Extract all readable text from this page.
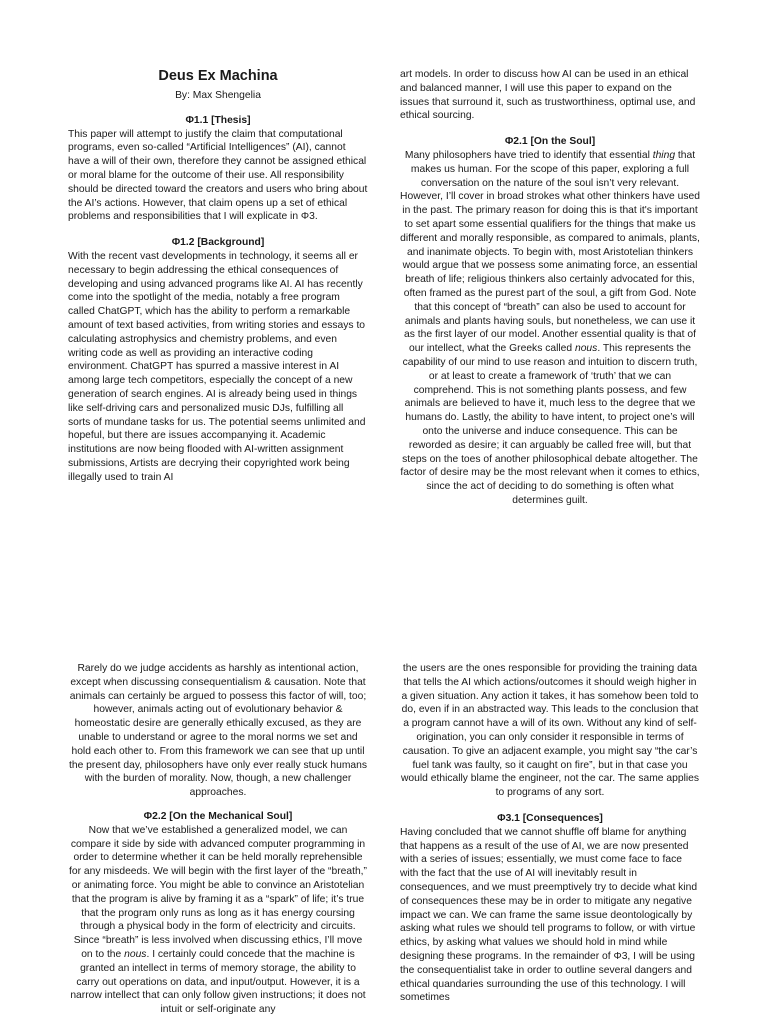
Deus Ex Machina
By: Max Shengelia
Φ1.1 [Thesis]

This paper will attempt to justify the claim that computational programs, even so-called “Artificial Intelligences” (AI), cannot have a will of their own, therefore they cannot be assigned ethical or moral blame for the outcome of their use. All responsibility should be directed toward the creators and users who bring about the AI’s actions. However, that claim opens up a set of ethical problems and responsibilities that I will explicate in Φ3.

Φ1.2 [Background]

With the recent vast developments in technology, it seems all er necessary to begin addressing the ethical consequences of developing and using advanced programs like AI. AI has recently come into the spotlight of the media, notably a free program called ChatGPT, which has the ability to perform a remarkable amount of text based activities, from writing stories and essays to calculating astrophysics and chemistry problems, and even writing code as well as providing an interactive coding environment. ChatGPT has spurred a massive interest in AI among large tech competitors, especially the concept of a new generation of search engines. AI is already being used in things like self-driving cars and personalized music DJs, fulfilling all sorts of mundane tasks for us. The potential seems unlimited and hopeful, but there are issues accompanying it. Academic institutions are now being flooded with AI-written assignment submissions, Artists are decrying their copyrighted work being illegally used to train AI

art models. In order to discuss how AI can be used in an ethical and balanced manner, I will use this paper to expand on the issues that surround it, such as trustworthiness, optimal use, and ethical sourcing.

Φ2.1 [On the Soul]

Many philosophers have tried to identify that essential thing that makes us human. For the scope of this paper, exploring a full conversation on the nature of the soul isn’t very relevant. However, I’ll cover in broad strokes what other thinkers have used in the past. The primary reason for doing this is that it's important to set apart some essential qualifiers for the things that make us different and morally responsible, as compared to animals, plants, and inanimate objects. To begin with, most Aristotelian thinkers would argue that we possess some animating force, an essential breath of life; religious thinkers also certainly advocated for this, often framed as the purest part of the soul, a gift from God. Note that this concept of “breath” can also be used to account for animals and plants having souls, but nonetheless, we can use it as the first layer of our model. Another essential quality is that of our intellect, what the Greeks called nous. This represents the capability of our mind to use reason and intuition to discern truth, or at least to create a framework of ‘truth’ that we can comprehend. This is not something plants possess, and few animals are believed to have it, much less to the degree that we humans do. Lastly, the ability to have intent, to project one’s will onto the universe and induce consequence. This can be reworded as desire; it can arguably be called free will, but that steps on the toes of another philosophical debate altogether. The factor of desire may be the most relevant when it comes to ethics, since the act of deciding to do something is often what determines guilt.

Rarely do we judge accidents as harshly as intentional action, except when discussing consequentialism & causation. Note that animals can certainly be argued to possess this factor of will, too; however, animals acting out of evolutionary behavior & homeostatic desire are generally ethically excused, as they are unable to understand or agree to the moral norms we set and hold each other to. From this framework we can see that up until the present day, philosophers have only ever really stuck humans with the burden of morality. Now, though, a new challenger approaches.

Φ2.2 [On the Mechanical Soul]

Now that we’ve established a generalized model, we can compare it side by side with advanced computer programming in order to determine whether it can be held morally reprehensible for any misdeeds. We will begin with the first layer of the “breath,” or animating force. You might be able to convince an Aristotelian that the program is alive by framing it as a “spark” of life; it’s true that the program only runs as long as it has energy coursing through a physical body in the form of electricity and circuits. Since “breath” is less involved when discussing ethics, I’ll move on to the nous. I certainly could concede that the machine is granted an intellect in terms of memory storage, the ability to carry out operations on data, and input/output. However, it is a narrow intellect that can only follow given instructions; it does not intuit or self-originate any

the users are the ones responsible for providing the training data that tells the AI which actions/outcomes it should weigh higher in a given situation. Any action it takes, it has somehow been told to do, even if in an abstracted way. This leads to the conclusion that a program cannot have a will of its own. Without any kind of self-origination, you can only consider it responsible in terms of causation. To give an adjacent example, you might say “the car’s fuel tank was faulty, so it caught on fire”, but in that case you would ethically blame the engineer, not the car. The same applies to programs of any sort.

Φ3.1 [Consequences]

Having concluded that we cannot shuffle off blame for anything that happens as a result of the use of AI, we are now presented with a series of issues; essentially, we must come face to face with the fact that the use of AI will inevitably result in consequences, and we must preemptively try to decide what kind of consequences these may be in order to mitigate any negative impact we can. We can frame the same issue deontologically by asking what rules we should tell programs to follow, or with virtue ethics, by asking what values we should hold in mind while designing these programs. In the remainder of Φ3, I will be using the consequentialist take in order to outline several dangers and ethical quandaries surrounding the use of this technology. I will sometimes
